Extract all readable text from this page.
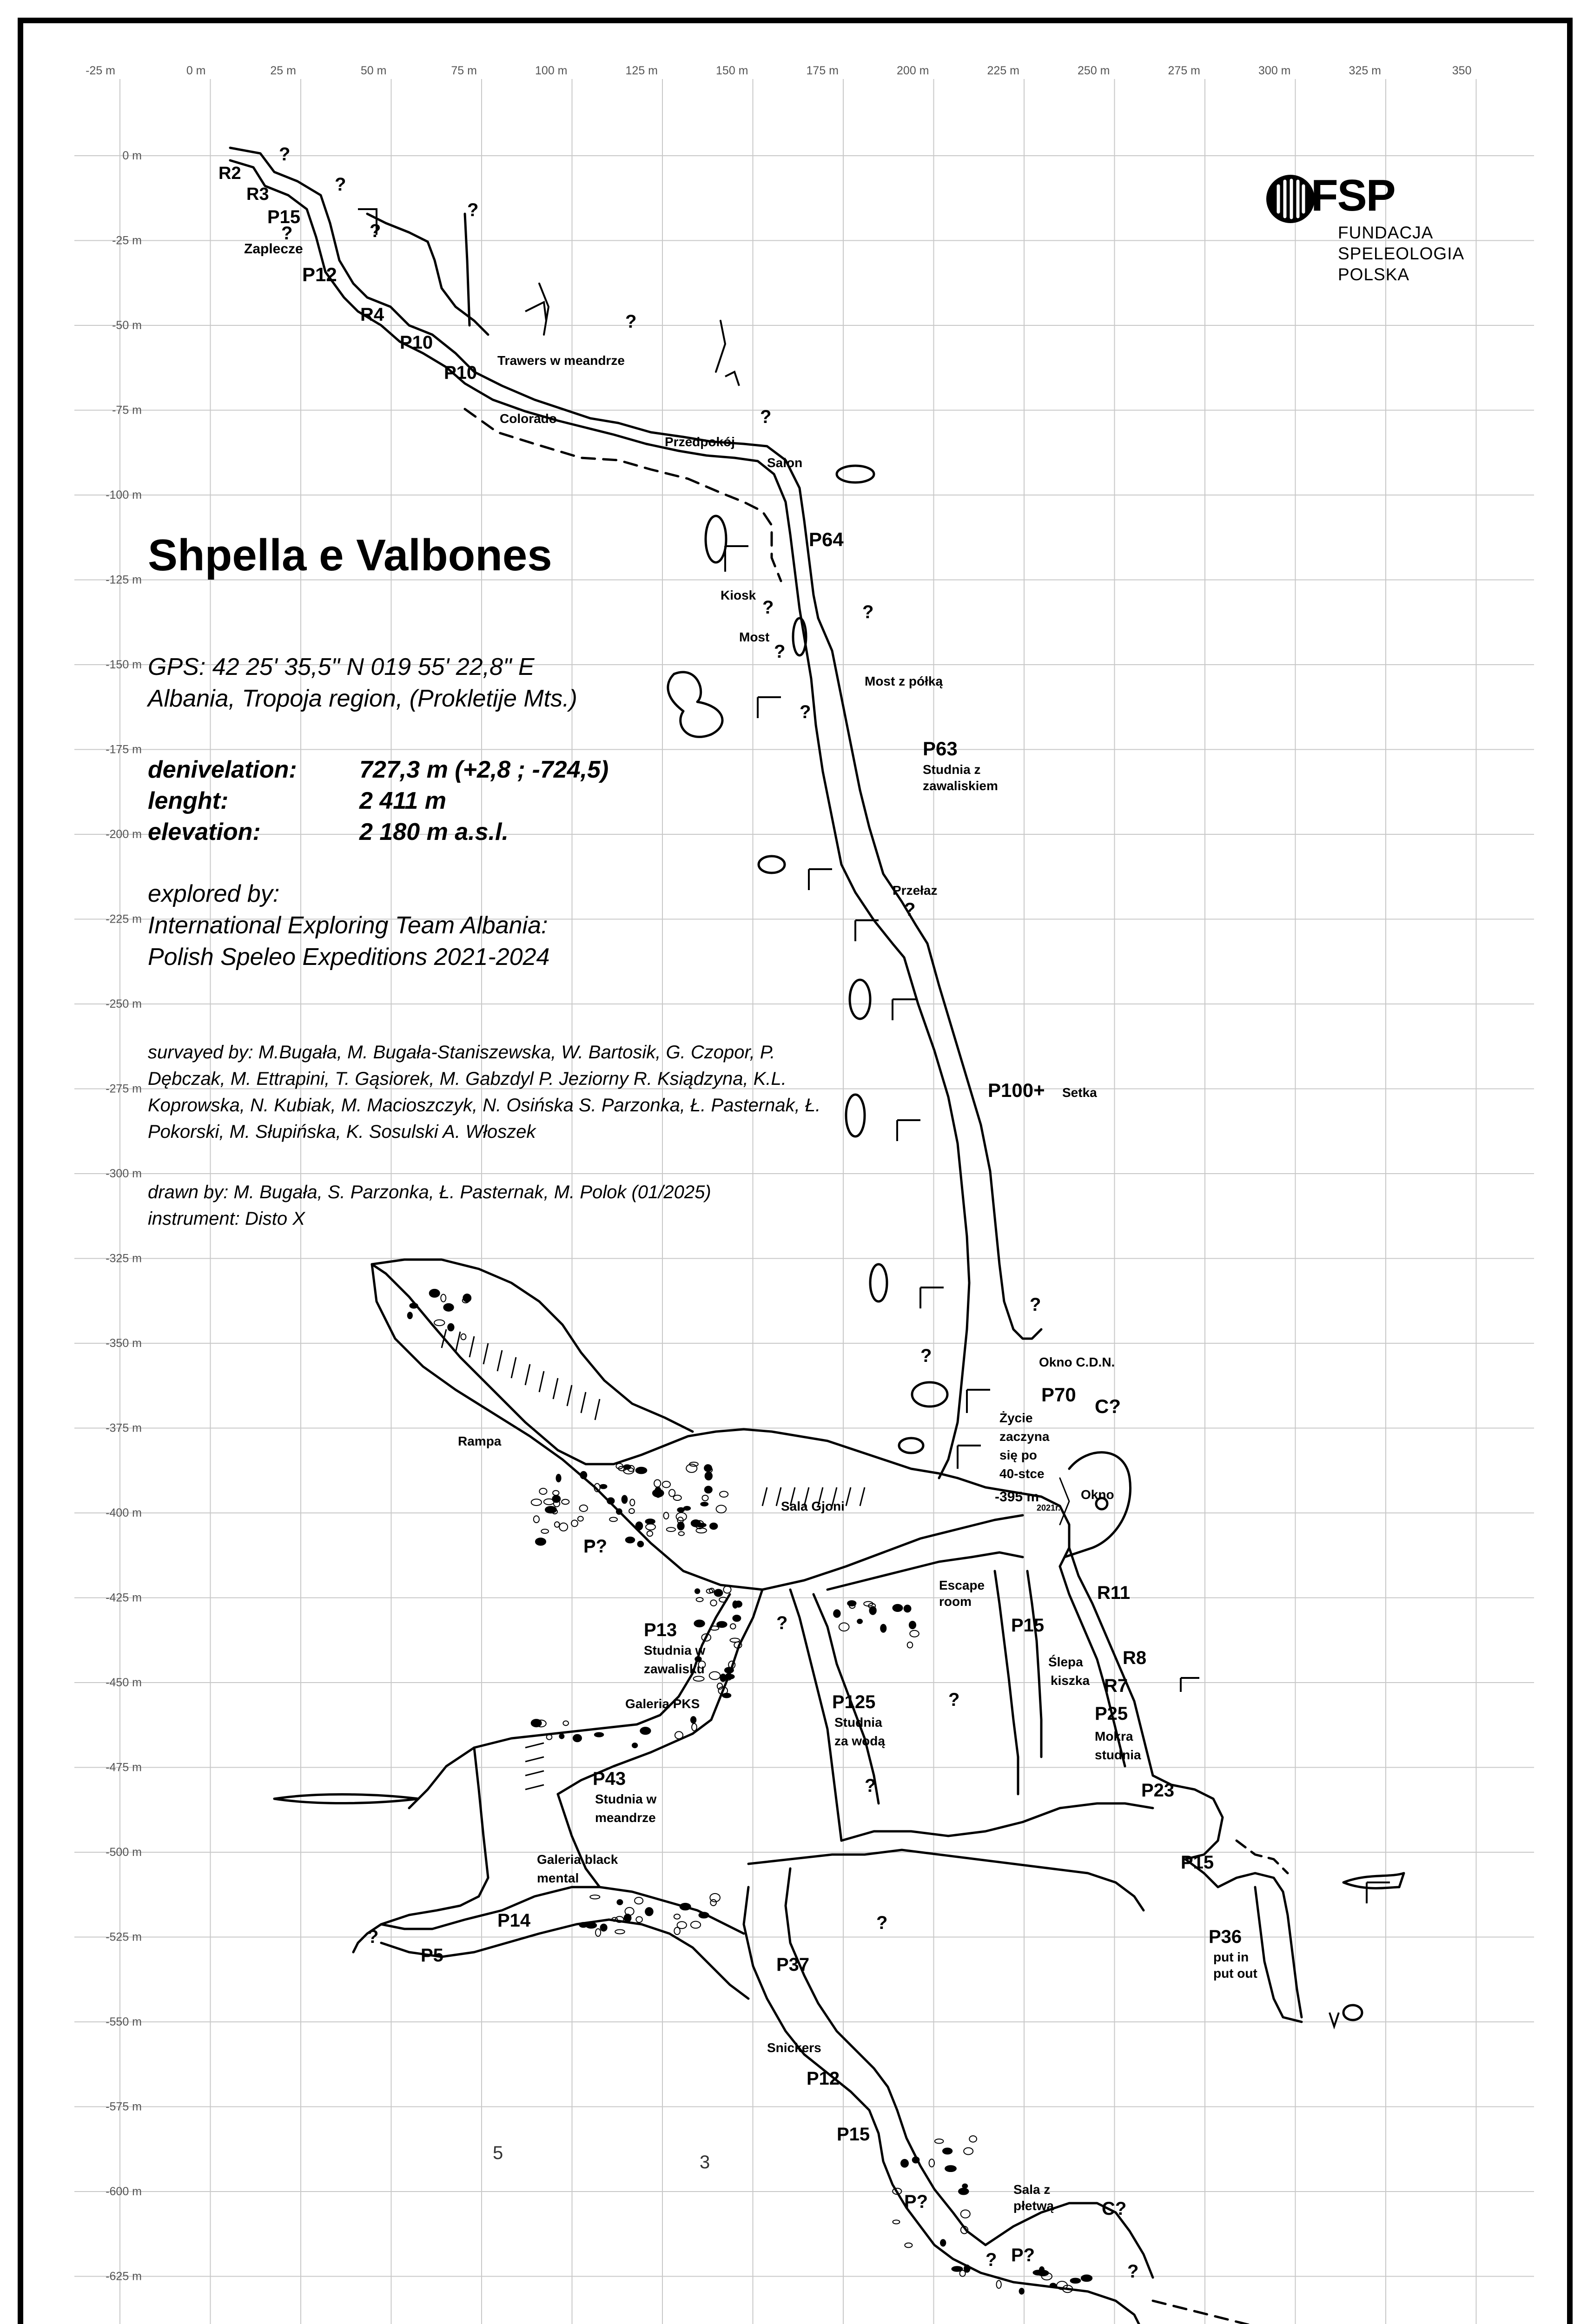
-25 m	0 m	25 m	50 m	75 m	100 m	125 m	150 m	175 m	200 m	225 m	250 m	275 m	300 m	325 m	350
0 m
-25 m
-50 m
-75 m
-100 m
-125 m
-150 m
-175 m
-200 m
-225 m
-250 m
-275 m
-300 m
-325 m
-350 m
-375 m
-400 m
-425 m
-450 m
-475 m
-500 m
-525 m
-550 m
-575 m
-600 m
-625 m
R2
R3
P15
Zaplecze
P12
R4
P10
P10
Trawers w meandrze
Colorado
Przedpokój
Salon
P64
Kiosk
Most
Most z półką
P63
Studnia z
zawaliskiem
Przełaz
P100+ Setka
Okno C.D.N.
P70
Życie
zaczyna
się po
40-stce
C?
Rampa
P?
Sala Gjoni
-395 m
2021r.
Okno
Escape
room	R11
P15
Ślepa
kiszka
R8
R7
P25
Mokra
studnia
P13
Studnia w
zawalisku
Galeria PKS	P125
Studnia
za wodą
P43
Studnia w
meandrze
P23
P15
P36
put in
put out
Galeria black
mental
P14
P5	P37
Snickers
P12
P15
P?
Sala z
płetwą	C?
P?
?
?
?	?
?
?
?
?
?
?
?
?
?
?
?
?
?
?
?
?
?
Shpella e Valbones
GPS: 42 25' 35,5" N 019 55' 22,8" E
Albania, Tropoja region, (Prokletije Mts.)
denivelation:	727,3 m (+2,8 ; -724,5)
lenght:	2 411 m
elevation:	2 180 m a.s.l.
explored by:
International Exploring Team Albania:
Polish Speleo Expeditions 2021-2024
survayed by: M.Bugała, M. Bugała-Staniszewska, W. Bartosik, G. Czopor, P. Dębczak, M. Ettrapini, T. Gąsiorek, M. Gabzdyl P. Jeziorny R. Ksiądzyna, K.L. Koprowska, N. Kubiak, M. Macioszczyk, N. Osińska S. Parzonka, Ł. Pasternak, Ł. Pokorski, M. Słupińska, K. Sosulski A. Włoszek
drawn by: M. Bugała, S. Parzonka, Ł. Pasternak, M. Polok (01/2025)
instrument: Disto X
FSP
FUNDACJA
SPELEOLOGIA
POLSKA
5	3
